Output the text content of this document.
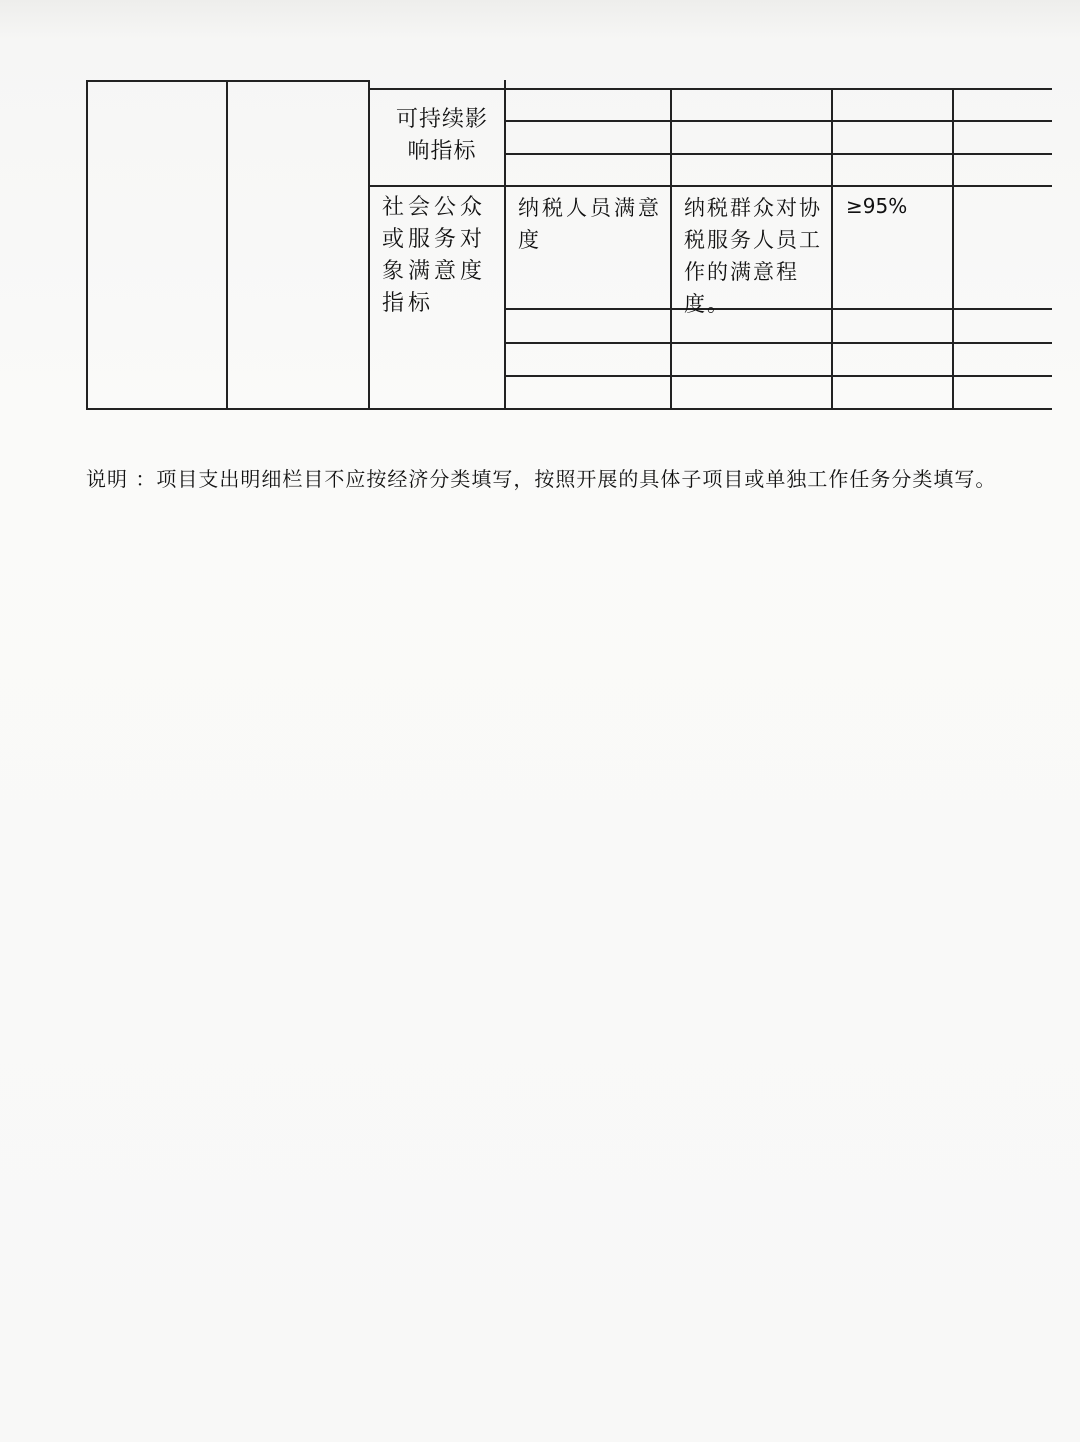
可持续影
响指标
社会公众
或服务对
象满意度
指标
纳税人员满意
度
纳税群众对协
税服务人员工
作的满意程
度。
≥95%
说明 ：项目支出明细栏目不应按经济分类填写，按照开展的具体子项目或单独工作任务分类填写。
